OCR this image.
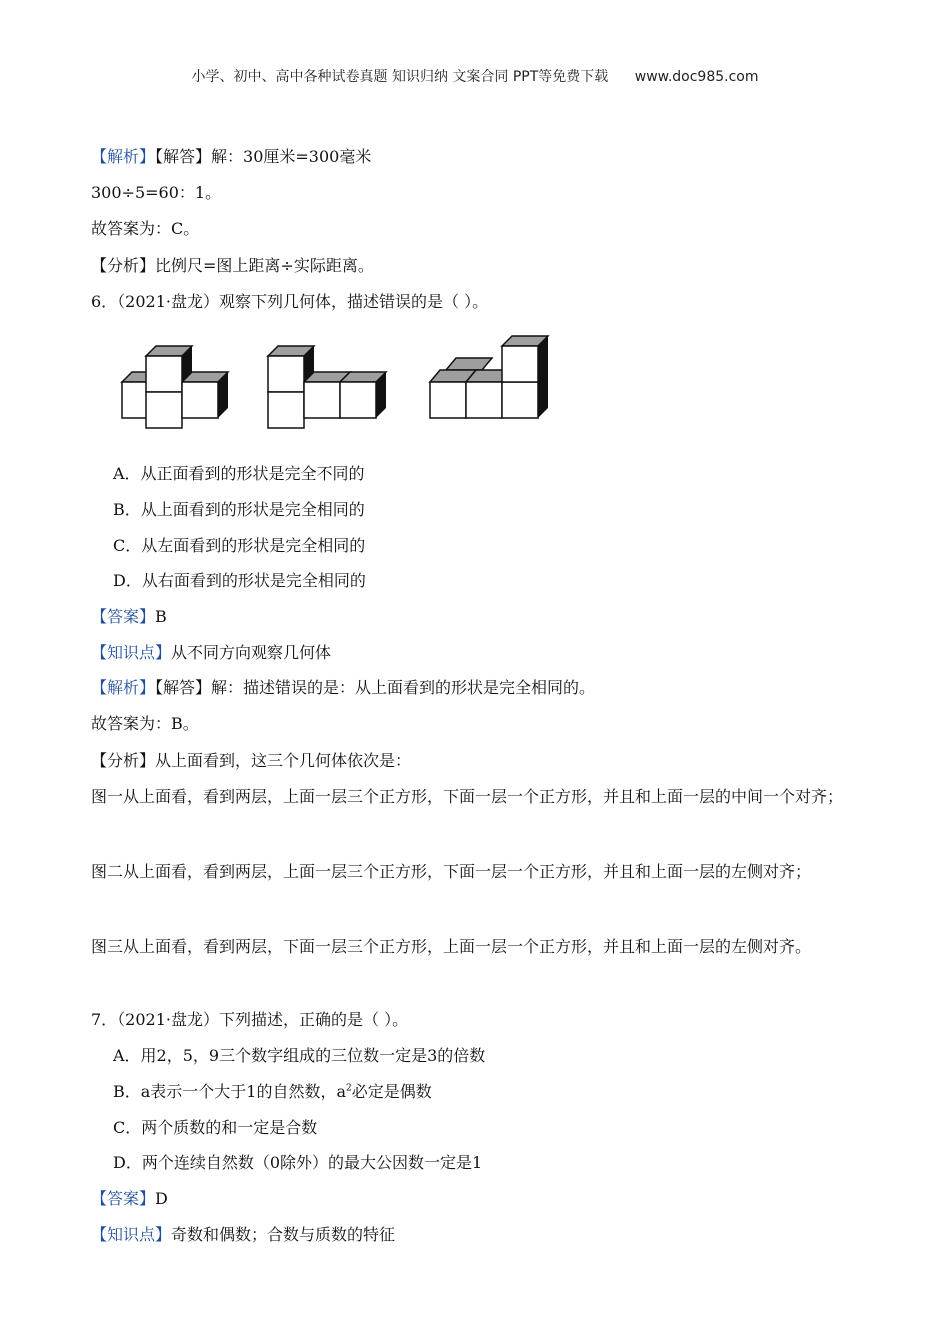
小学、初中、高中各种试卷真题 知识归纳 文案合同 PPT等免费下载 www.doc985.com
【解析】【解答】解：30厘米=300毫米
300÷5=60：1。
故答案为：C。
【分析】比例尺=图上距离÷实际距离。
6．（2021·盘龙）观察下列几何体，描述错误的是（ ）。
A．从正面看到的形状是完全不同的
B．从上面看到的形状是完全相同的
C．从左面看到的形状是完全相同的
D．从右面看到的形状是完全相同的
【答案】B
【知识点】从不同方向观察几何体
【解析】【解答】解：描述错误的是：从上面看到的形状是完全相同的。
故答案为：B。
【分析】从上面看到，这三个几何体依次是：
图一从上面看，看到两层，上面一层三个正方形，下面一层一个正方形，并且和上面一层的中间一个对齐；
图二从上面看，看到两层，上面一层三个正方形，下面一层一个正方形，并且和上面一层的左侧对齐；
图三从上面看，看到两层，下面一层三个正方形，上面一层一个正方形，并且和上面一层的左侧对齐。
7．（2021·盘龙）下列描述，正确的是（ ）。
A．用2，5，9三个数字组成的三位数一定是3的倍数
B．a表示一个大于1的自然数，$a^2$必定是偶数
C．两个质数的和一定是合数
D．两个连续自然数（0除外）的最大公因数一定是1
【答案】D
【知识点】奇数和偶数；合数与质数的特征
